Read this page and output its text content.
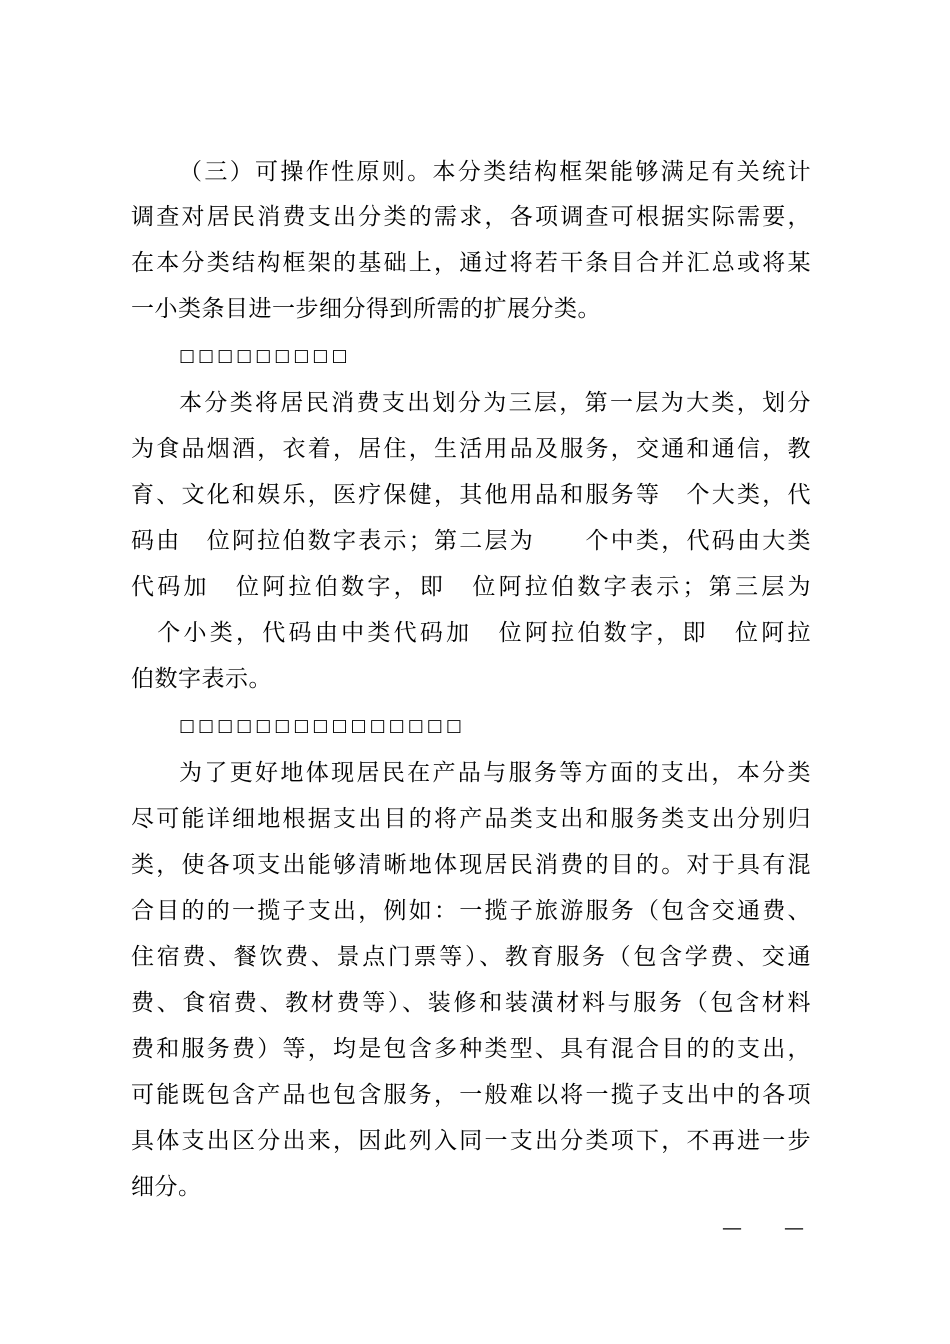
（三）可操作性原则。本分类结构框架能够满足有关统计
调查对居民消费支出分类的需求，各项调查可根据实际需要，
在本分类结构框架的基础上，通过将若干条目合并汇总或将某
一小类条目进一步细分得到所需的扩展分类。
□□□□□□□□□
本分类将居民消费支出划分为三层，第一层为大类，划分
为食品烟酒，衣着，居住，生活用品及服务，交通和通信，教
育、文化和娱乐，医疗保健，其他用品和服务等　个大类，代
码由　位阿拉伯数字表示；第二层为　　个中类，代码由大类
代码加　位阿拉伯数字，即　位阿拉伯数字表示；第三层为
　个小类，代码由中类代码加　位阿拉伯数字，即　位阿拉
伯数字表示。
□□□□□□□□□□□□□□□
为了更好地体现居民在产品与服务等方面的支出，本分类
尽可能详细地根据支出目的将产品类支出和服务类支出分别归
类，使各项支出能够清晰地体现居民消费的目的。对于具有混
合目的的一揽子支出，例如：一揽子旅游服务（包含交通费、
住宿费、餐饮费、景点门票等）、教育服务（包含学费、交通
费、食宿费、教材费等）、装修和装潢材料与服务（包含材料
费和服务费）等，均是包含多种类型、具有混合目的的支出，
可能既包含产品也包含服务，一般难以将一揽子支出中的各项
具体支出区分出来，因此列入同一支出分类项下，不再进一步
细分。
— —
